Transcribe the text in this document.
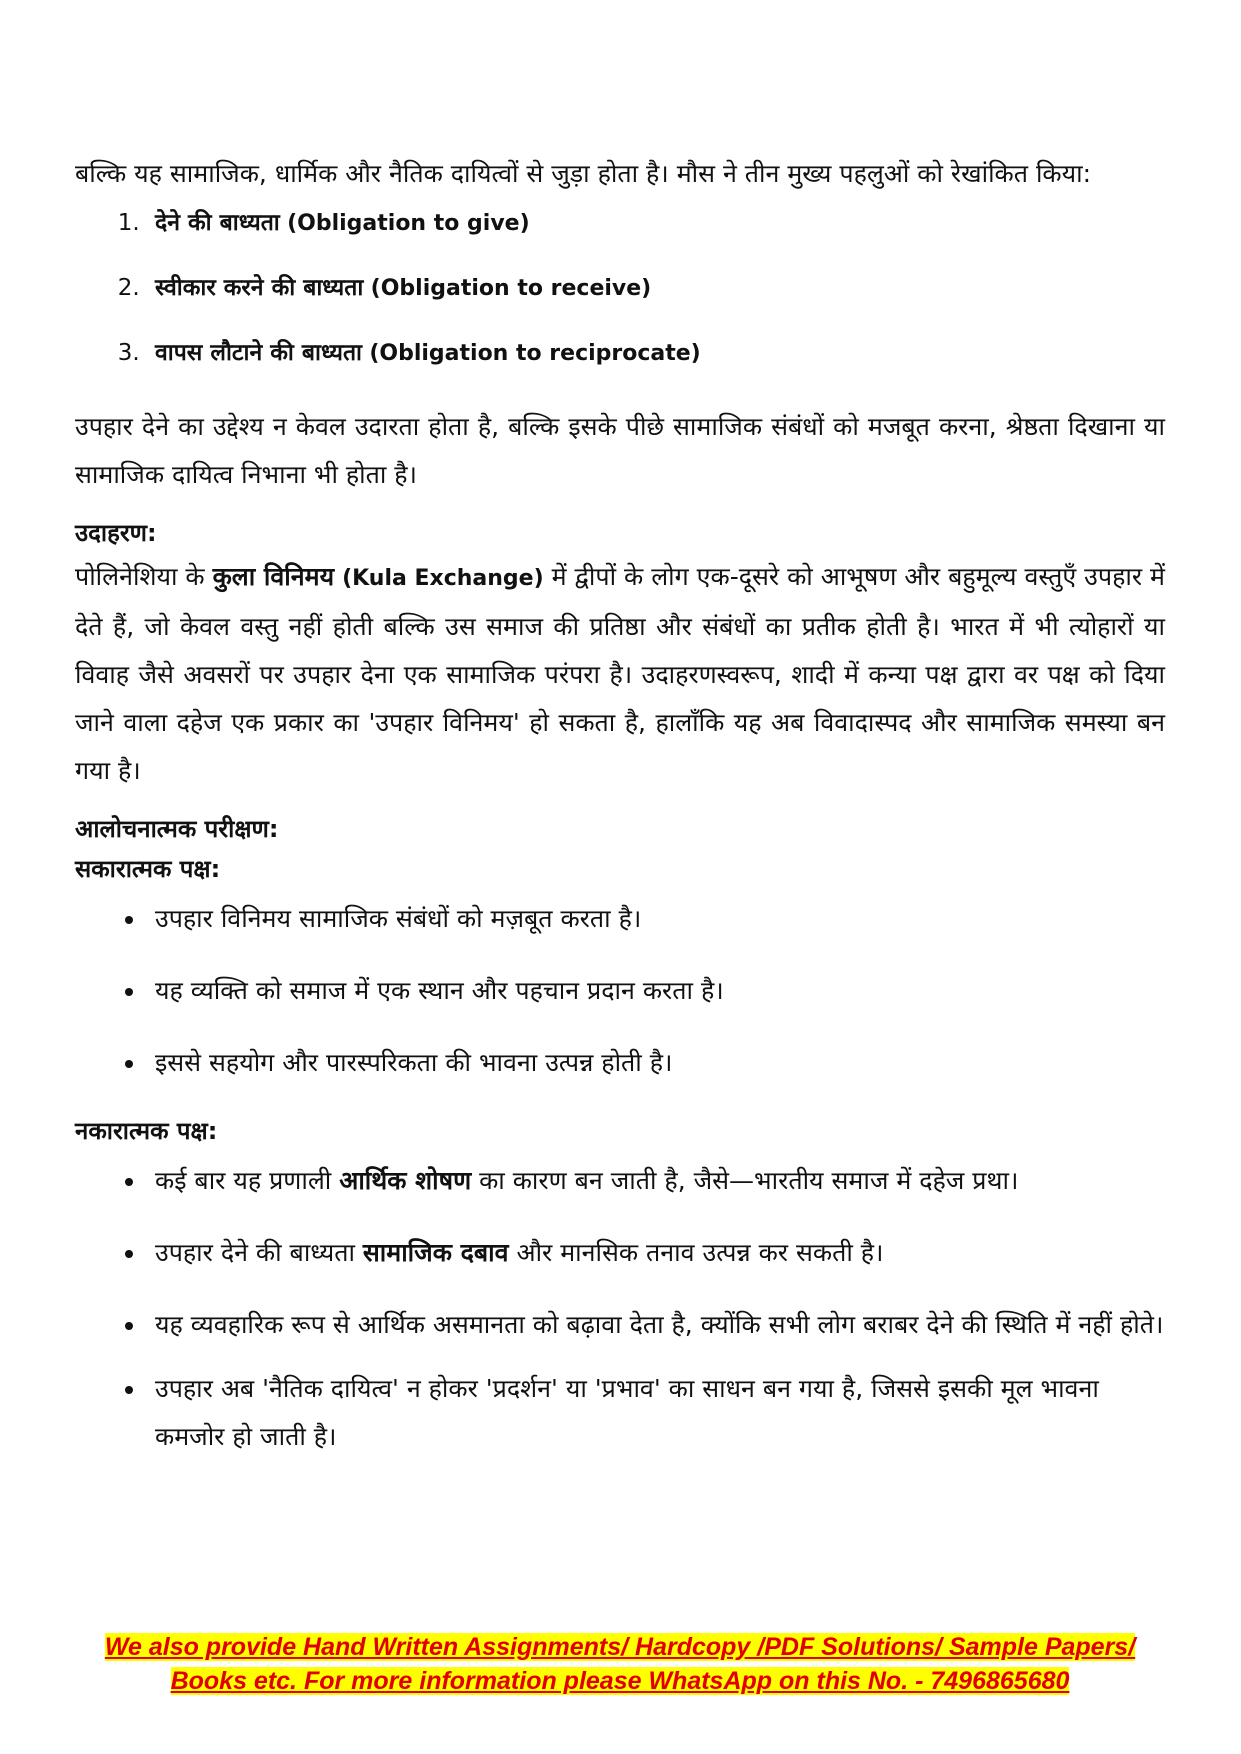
बल्कि यह सामाजिक, धार्मिक और नैतिक दायित्वों से जुड़ा होता है। मौस ने तीन मुख्य पहलुओं को रेखांकित किया:

1. देने की बाध्यता (Obligation to give)
2. स्वीकार करने की बाध्यता (Obligation to receive)
3. वापस लौटाने की बाध्यता (Obligation to reciprocate)

उपहार देने का उद्देश्य न केवल उदारता होता है, बल्कि इसके पीछे सामाजिक संबंधों को मजबूत करना, श्रेष्ठता दिखाना या सामाजिक दायित्व निभाना भी होता है।

उदाहरण:

पोलिनेशिया के कुला विनिमय (Kula Exchange) में द्वीपों के लोग एक-दूसरे को आभूषण और बहुमूल्य वस्तुएँ उपहार में देते हैं, जो केवल वस्तु नहीं होती बल्कि उस समाज की प्रतिष्ठा और संबंधों का प्रतीक होती है। भारत में भी त्योहारों या विवाह जैसे अवसरों पर उपहार देना एक सामाजिक परंपरा है। उदाहरणस्वरूप, शादी में कन्या पक्ष द्वारा वर पक्ष को दिया जाने वाला दहेज एक प्रकार का 'उपहार विनिमय' हो सकता है, हालाँकि यह अब विवादास्पद और सामाजिक समस्या बन गया है।

आलोचनात्मक परीक्षण:
सकारात्मक पक्ष:
• उपहार विनिमय सामाजिक संबंधों को मज़बूत करता है।
• यह व्यक्ति को समाज में एक स्थान और पहचान प्रदान करता है।
• इससे सहयोग और पारस्परिकता की भावना उत्पन्न होती है।
नकारात्मक पक्ष:
• कई बार यह प्रणाली आर्थिक शोषण का कारण बन जाती है, जैसे—भारतीय समाज में दहेज प्रथा।
• उपहार देने की बाध्यता सामाजिक दबाव और मानसिक तनाव उत्पन्न कर सकती है।
• यह व्यवहारिक रूप से आर्थिक असमानता को बढ़ावा देता है, क्योंकि सभी लोग बराबर देने की स्थिति में नहीं होते।
• उपहार अब 'नैतिक दायित्व' न होकर 'प्रदर्शन' या 'प्रभाव' का साधन बन गया है, जिससे इसकी मूल भावना कमजोर हो जाती है।
We also provide Hand Written Assignments/ Hardcopy /PDF Solutions/ Sample Papers/
Books etc. For more information please WhatsApp on this No. - 7496865680
